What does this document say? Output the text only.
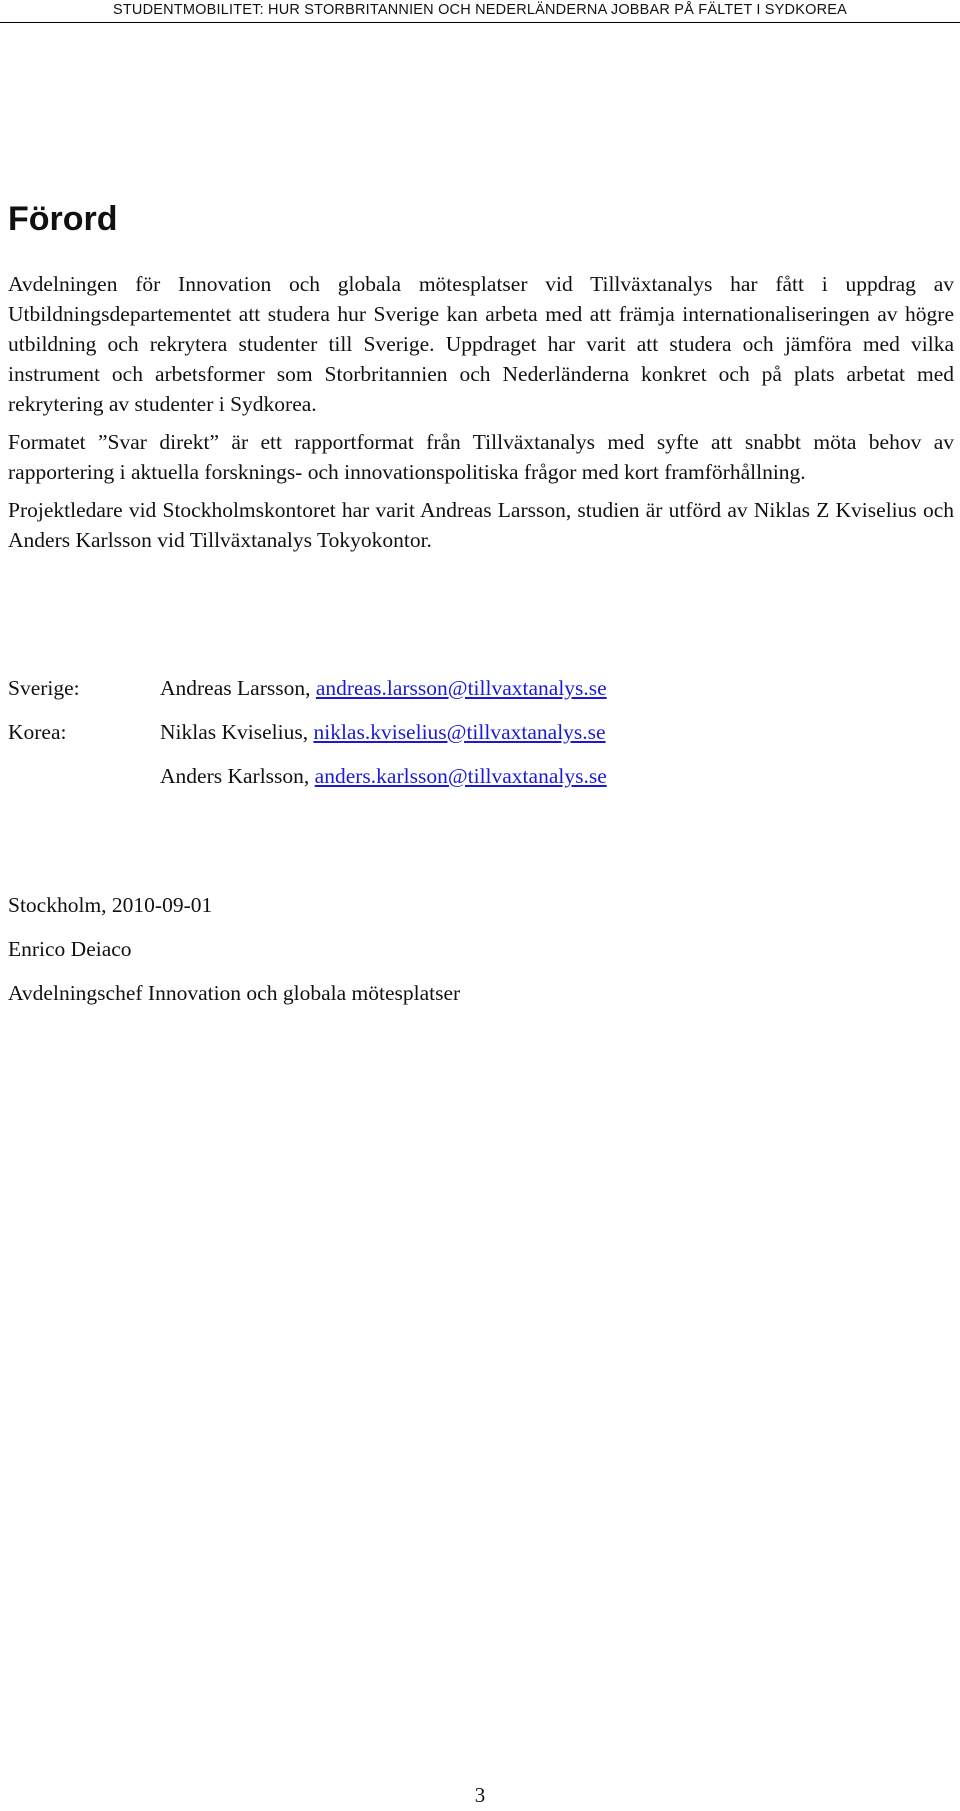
STUDENTMOBILITET: HUR STORBRITANNIEN OCH NEDERLÄNDERNA JOBBAR PÅ FÄLTET I SYDKOREA
Förord

Avdelningen för Innovation och globala mötesplatser vid Tillväxtanalys har fått i uppdrag av Utbildningsdepartementet att studera hur Sverige kan arbeta med att främja internationaliseringen av högre utbildning och rekrytera studenter till Sverige. Uppdraget har varit att studera och jämföra med vilka instrument och arbetsformer som Storbritannien och Nederländerna konkret och på plats arbetat med rekrytering av studenter i Sydkorea.

Formatet ”Svar direkt” är ett rapportformat från Tillväxtanalys med syfte att snabbt möta behov av rapportering i aktuella forsknings- och innovationspolitiska frågor med kort framförhållning.

Projektledare vid Stockholmskontoret har varit Andreas Larsson, studien är utförd av Niklas Z Kviselius och Anders Karlsson vid Tillväxtanalys Tokyokontor.

Sverige:	Andreas Larsson,
andreas.larsson@tillvaxtanalys.se
Korea:	Niklas Kviselius,
niklas.kviselius@tillvaxtanalys.se
Anders Karlsson,
anders.karlsson@tillvaxtanalys.se
Stockholm, 2010-09-01
Enrico Deiaco
Avdelningschef Innovation och globala mötesplatser
3
